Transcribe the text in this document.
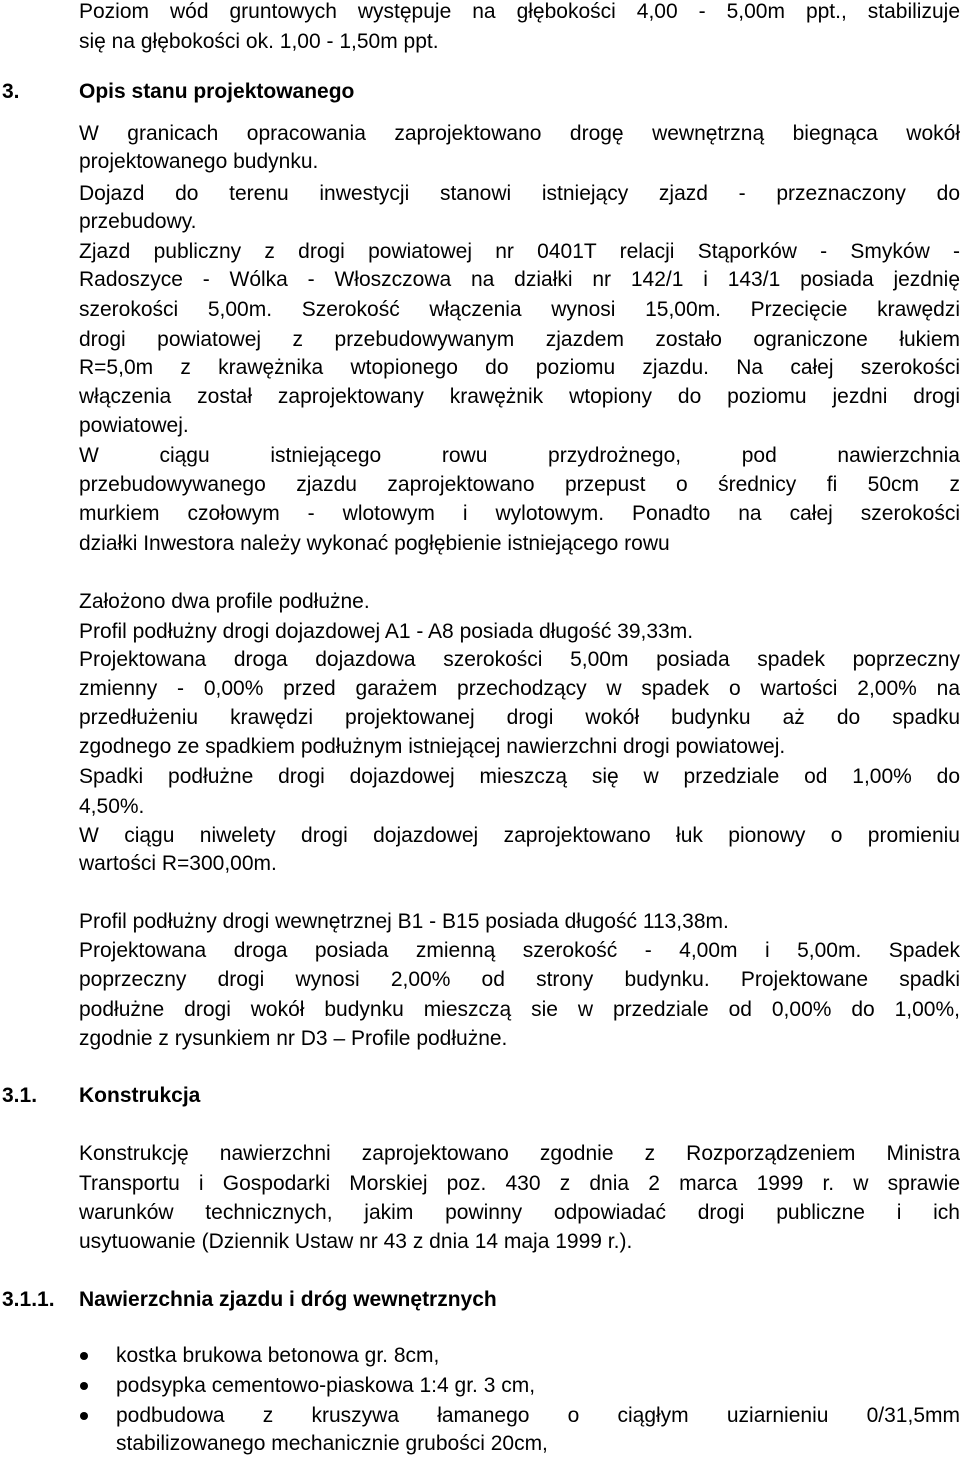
Poziom wód gruntowych występuje na głębokości 4,00 - 5,00m ppt., stabilizuje
się na głębokości ok. 1,00 - 1,50m ppt.
3.	Opis stanu projektowanego
W granicach opracowania zaprojektowano drogę wewnętrzną biegnąca wokół
projektowanego budynku.
Dojazd do terenu inwestycji stanowi istniejący zjazd - przeznaczony do
przebudowy.
Zjazd publiczny z drogi powiatowej nr 0401T relacji Stąporków - Smyków -
Radoszyce - Wólka - Włoszczowa na działki nr 142/1 i 143/1 posiada jezdnię
szerokości 5,00m. Szerokość włączenia wynosi 15,00m. Przecięcie krawędzi
drogi powiatowej z przebudowywanym zjazdem zostało ograniczone łukiem
R=5,0m z krawężnika wtopionego do poziomu zjazdu. Na całej szerokości
włączenia został zaprojektowany krawężnik wtopiony do poziomu jezdni drogi
powiatowej.
W ciągu istniejącego rowu przydrożnego, pod nawierzchnia
przebudowywanego zjazdu zaprojektowano przepust o średnicy fi 50cm z
murkiem czołowym - wlotowym i wylotowym. Ponadto na całej szerokości
działki Inwestora należy wykonać pogłębienie istniejącego rowu
Założono dwa profile podłużne.
Profil podłużny drogi dojazdowej A1 - A8 posiada długość 39,33m.
Projektowana droga dojazdowa szerokości 5,00m posiada spadek poprzeczny
zmienny - 0,00% przed garażem przechodzący w spadek o wartości 2,00% na
przedłużeniu krawędzi projektowanej drogi wokół budynku aż do spadku
zgodnego ze spadkiem podłużnym istniejącej nawierzchni drogi powiatowej.
Spadki podłużne drogi dojazdowej mieszczą się w przedziale od 1,00% do
4,50%.
W ciągu niwelety drogi dojazdowej zaprojektowano łuk pionowy o promieniu
wartości R=300,00m.
Profil podłużny drogi wewnętrznej B1 - B15 posiada długość 113,38m.
Projektowana droga posiada zmienną szerokość - 4,00m i 5,00m. Spadek
poprzeczny drogi wynosi 2,00% od strony budynku. Projektowane spadki
podłużne drogi wokół budynku mieszczą sie w przedziale od 0,00% do 1,00%,
zgodnie z rysunkiem nr D3 – Profile podłużne.
3.1. Konstrukcja
Konstrukcję nawierzchni zaprojektowano zgodnie z Rozporządzeniem Ministra
Transportu i Gospodarki Morskiej poz. 430 z dnia 2 marca 1999 r. w sprawie
warunków technicznych, jakim powinny odpowiadać drogi publiczne i ich
usytuowanie (Dziennik Ustaw nr 43 z dnia 14 maja 1999 r.).
3.1.1. Nawierzchnia zjazdu i dróg wewnętrznych
kostka brukowa betonowa gr. 8cm,
podsypka cementowo-piaskowa 1:4 gr. 3 cm,
podbudowa z kruszywa łamanego o ciągłym uziarnieniu 0/31,5mm
stabilizowanego mechanicznie grubości 20cm,
